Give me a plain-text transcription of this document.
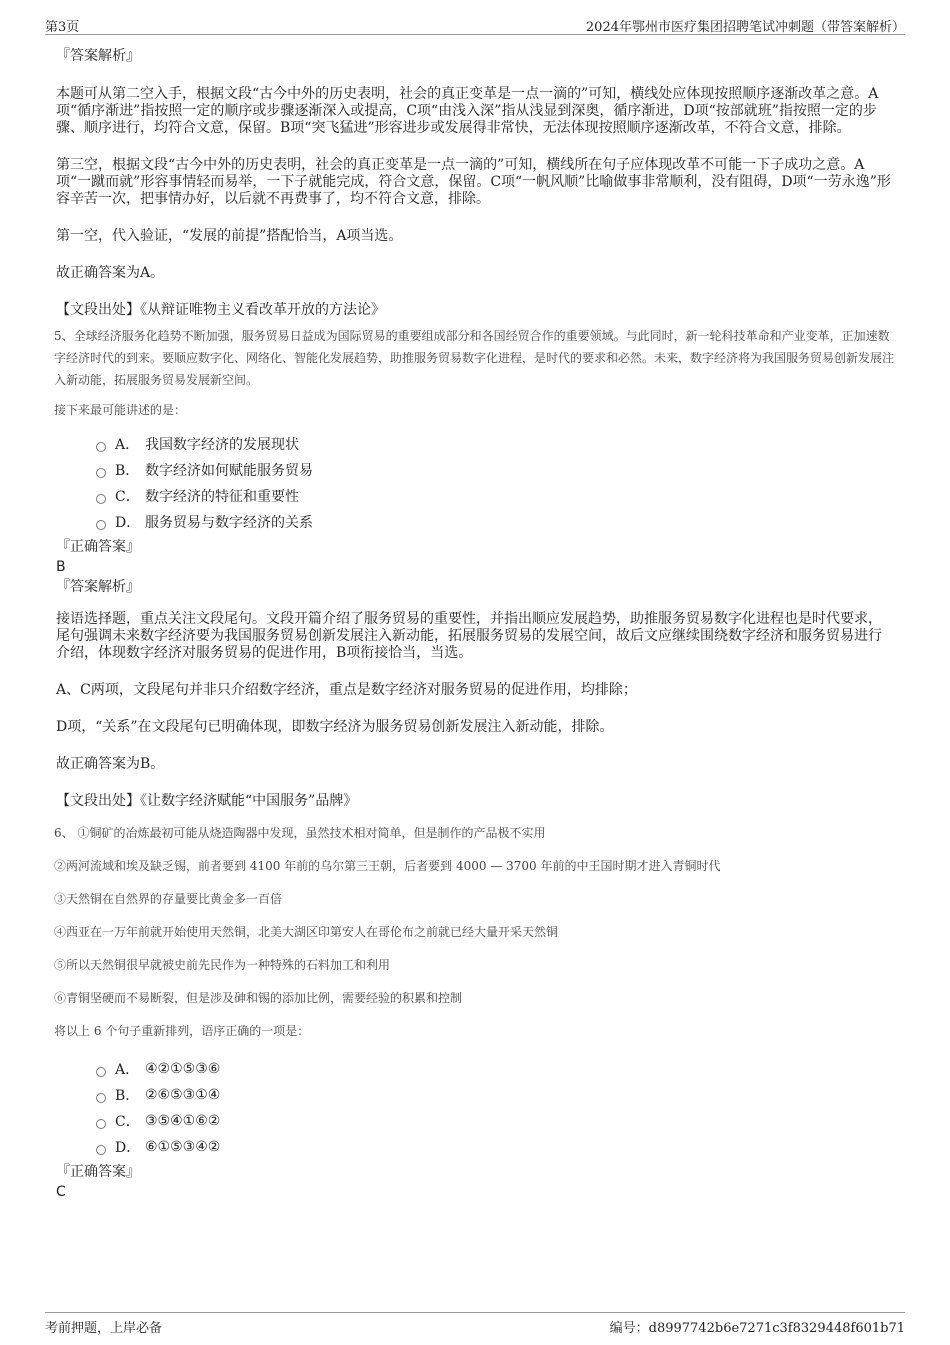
第3页	2024年鄂州市医疗集团招聘笔试冲刺题（带答案解析）

『答案解析』

本题可从第二空入手，根据文段“古今中外的历史表明，社会的真正变革是一点一滴的”可知，横线处应体现按照顺序逐渐改革之意。A项“循序渐进”指按照一定的顺序或步骤逐渐深入或提高，C项“由浅入深”指从浅显到深奥，循序渐进，D项“按部就班”指按照一定的步骤、顺序进行，均符合文意，保留。B项“突飞猛进”形容进步或发展得非常快，无法体现按照顺序逐渐改革，不符合文意，排除。

第三空，根据文段“古今中外的历史表明，社会的真正变革是一点一滴的”可知，横线所在句子应体现改革不可能一下子成功之意。A项“一蹴而就”形容事情轻而易举，一下子就能完成，符合文意，保留。C项“一帆风顺”比喻做事非常顺利，没有阻碍，D项“一劳永逸”形容辛苦一次，把事情办好，以后就不再费事了，均不符合文意，排除。

第一空，代入验证，“发展的前提”搭配恰当，A项当选。

故正确答案为A。

【文段出处】《从辩证唯物主义看改革开放的方法论》

5、全球经济服务化趋势不断加强，服务贸易日益成为国际贸易的重要组成部分和各国经贸合作的重要领域。与此同时，新一轮科技革命和产业变革，正加速数字经济时代的到来。要顺应数字化、网络化、智能化发展趋势，助推服务贸易数字化进程，是时代的要求和必然。未来，数字经济将为我国服务贸易创新发展注入新动能，拓展服务贸易发展新空间。

接下来最可能讲述的是：

A． 我国数字经济的发展现状
B． 数字经济如何赋能服务贸易
C． 数字经济的特征和重要性
D． 服务贸易与数字经济的关系

『正确答案』

B

『答案解析』

接语选择题，重点关注文段尾句。文段开篇介绍了服务贸易的重要性，并指出顺应发展趋势，助推服务贸易数字化进程也是时代要求，尾句强调未来数字经济要为我国服务贸易创新发展注入新动能，拓展服务贸易的发展空间，故后文应继续围绕数字经济和服务贸易进行介绍，体现数字经济对服务贸易的促进作用，B项衔接恰当，当选。

A、C两项，文段尾句并非只介绍数字经济，重点是数字经济对服务贸易的促进作用，均排除；

D项，“关系”在文段尾句已明确体现，即数字经济为服务贸易创新发展注入新动能，排除。

故正确答案为B。

【文段出处】《让数字经济赋能“中国服务”品牌》

6、 ①铜矿的冶炼最初可能从烧造陶器中发现，虽然技术相对简单，但是制作的产品极不实用

②两河流域和埃及缺乏锡，前者要到 4100 年前的乌尔第三王朝，后者要到 4000 — 3700 年前的中王国时期才进入青铜时代

③天然铜在自然界的存量要比黄金多一百倍

④西亚在一万年前就开始使用天然铜，北美大湖区印第安人在哥伦布之前就已经大量开采天然铜

⑤所以天然铜很早就被史前先民作为一种特殊的石料加工和利用

⑥青铜坚硬而不易断裂，但是涉及砷和锡的添加比例，需要经验的积累和控制

将以上 6 个句子重新排列，语序正确的一项是：

A． ④②①⑤③⑥
B． ②⑥⑤③①④
C． ③⑤④①⑥②
D． ⑥①⑤③④②

『正确答案』

C

考前押题，上岸必备	编号：d8997742b6e7271c3f8329448f601b71
